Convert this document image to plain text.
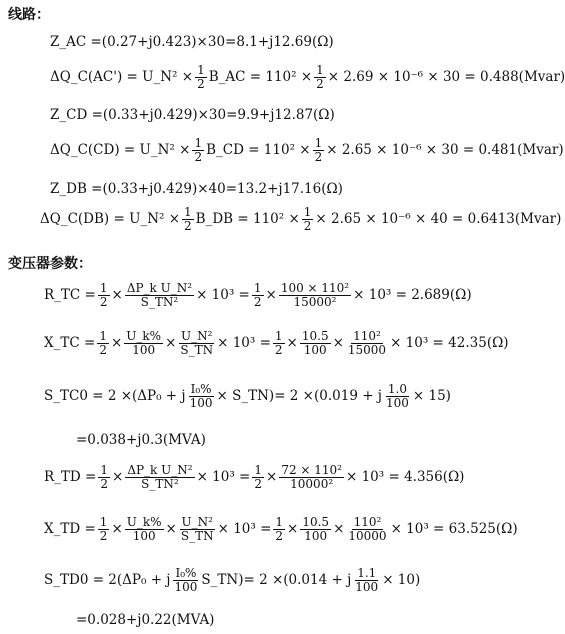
线路：
Z_AC =(0.27+j0.423)×30=8.1+j12.69(Ω)
ΔQ_C(AC') = U_N² × $\frac{1}{2}$ B_AC = $110^2 \times \frac{1}{2} \times 2.69 \times 10^{-6} \times 30$ = 0.488(Mvar)
Z_CD =(0.33+j0.429)×30=9.9+j12.87(Ω)
ΔQ_C(CD) = U_N² × $\frac{1}{2}$ B_CD = $110^2 \times \frac{1}{2} \times 2.65 \times 10^{-6} \times 30$ = 0.481(Mvar)
Z_DB =(0.33+j0.429)×40=13.2+j17.16(Ω)
ΔQ_C(DB) = U_N² × $\frac{1}{2}$ B_DB = $110^2 \times \frac{1}{2} \times 2.65 \times 10^{-6} \times 40$ = 0.6413(Mvar)
变压器参数：
R_TC = $\frac{1}{2} \times \frac{\text{ΔP\_k U\_N²}}{\text{S\_TN²}} \times 10^3 = \frac{1}{2} \times \frac{\text{100 × 110²}}{\text{15000²}} \times 10^3 = 2.689(\Omega)$
X_TC = $\frac{1}{2} \times \frac{U\_k\%}{100} \times \frac{\text{U\_N²}}{S\_TN} \times 10^3 = \frac{1}{2} \times \frac{10.5}{100} \times \frac{\text{110²}}{15000} \times 10^3 = 42.35(\Omega)$
S_TC0 = 2 ×(ΔP₀ + j $\frac{\text{I₀\%}}{100}$ × S_TN)= 2 ×(0.019 + j $\frac{1.0}{100} \times 15$)
=0.038+j0.3(MVA)
R_TD = $\frac{1}{2} \times \frac{\text{ΔP\_k U\_N²}}{\text{S\_TN²}} \times 10^3 = \frac{1}{2} \times \frac{\text{72 × 110²}}{\text{10000²}} \times 10^3 = 4.356(\Omega)$
X_TD = $\frac{1}{2} \times \frac{U\_k\%}{100} \times \frac{\text{U\_N²}}{S\_TN} \times 10^3 = \frac{1}{2} \times \frac{10.5}{100} \times \frac{\text{110²}}{10000} \times 10^3 = 63.525(\Omega)$
S_TD0 = 2(ΔP₀ + j $\frac{\text{I₀\%}}{100}$ S_TN)= 2 ×(0.014 + j $\frac{1.1}{100} \times 10$)
=0.028+j0.22(MVA)
